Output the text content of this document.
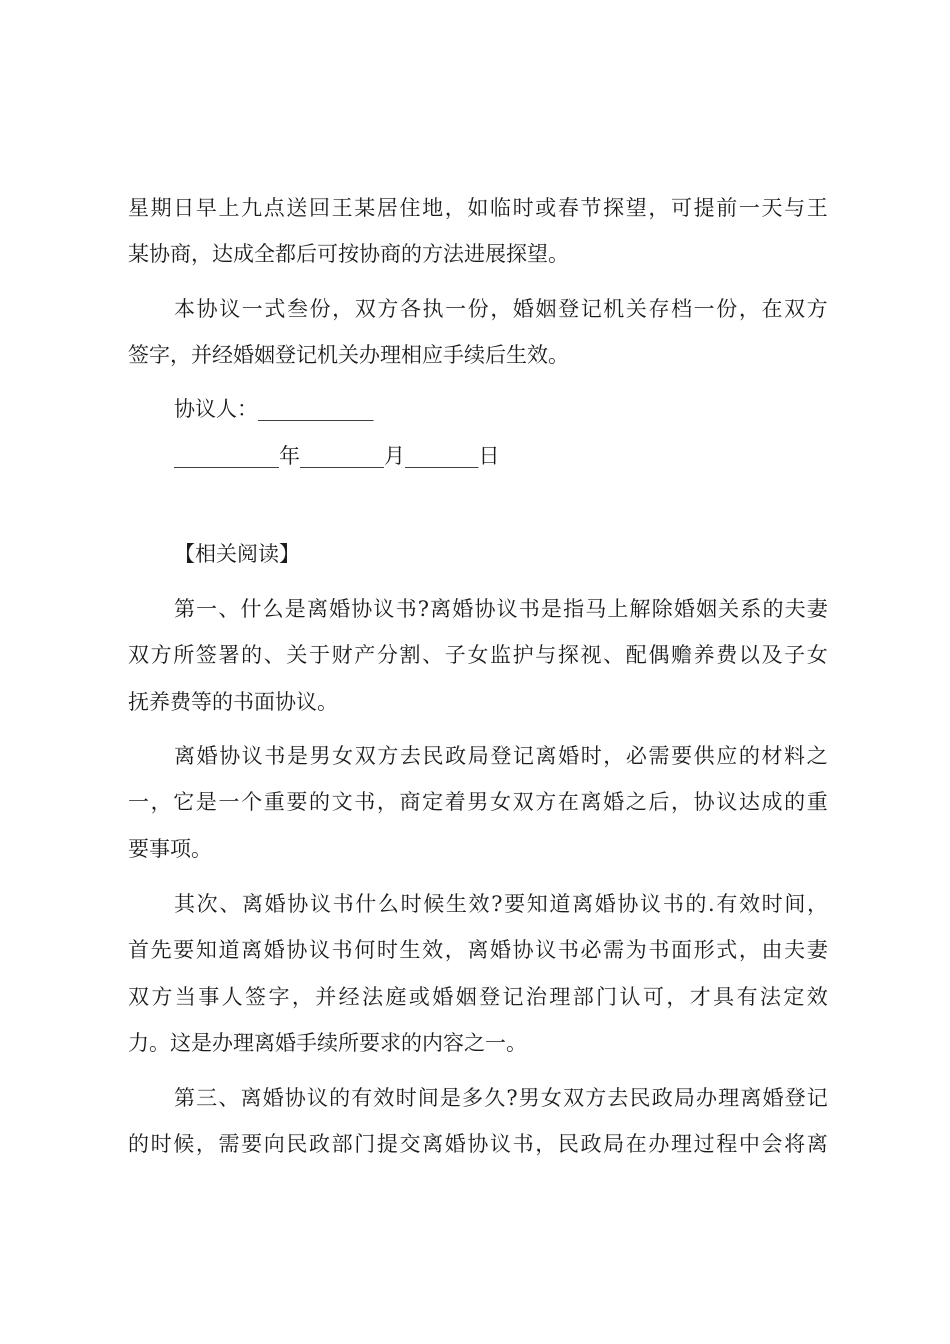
星 期 日 早 上 九 点 送 回 王 某 居 住 地 ， 如 临 时 或 春 节 探 望 ， 可 提 前 一 天 与 王
某协商，达成全都后可按协商的方法进展探望。
本 协 议 一 式 叁 份 ， 双 方 各 执 一 份 ， 婚 姻 登 记 机 关 存 档 一 份 ， 在 双 方
签字，并经婚姻登记机关办理相应手续后生效。
协议人：___________
__________年________月_______日
【相关阅读】
第 一 、 什 么 是 离 婚 协 议 书 ? 离 婚 协 议 书 是 指 马 上 解 除 婚 姻 关 系 的 夫 妻
双 方 所 签 署 的 、 关 于 财 产 分 割 、 子 女 监 护 与 探 视 、 配 偶 赡 养 费 以 及 子 女
抚养费等的书面协议。
离 婚 协 议 书 是 男 女 双 方 去 民 政 局 登 记 离 婚 时 ， 必 需 要 供 应 的 材 料 之
一 ， 它 是 一 个 重 要 的 文 书 ， 商 定 着 男 女 双 方 在 离 婚 之 后 ， 协 议 达 成 的 重
要事项。
其 次 、 离 婚 协 议 书 什 么 时 候 生 效 ? 要 知 道 离 婚 协 议 书 的 . 有 效 时 间 ，
首 先 要 知 道 离 婚 协 议 书 何 时 生 效 ， 离 婚 协 议 书 必 需 为 书 面 形 式 ， 由 夫 妻
双 方 当 事 人 签 字 ， 并 经 法 庭 或 婚 姻 登 记 治 理 部 门 认 可 ， 才 具 有 法 定 效
力。这是办理离婚手续所要求的内容之一。
第 三 、 离 婚 协 议 的 有 效 时 间 是 多 久 ? 男 女 双 方 去 民 政 局 办 理 离 婚 登 记
的 时 候 ， 需 要 向 民 政 部 门 提 交 离 婚 协 议 书 ， 民 政 局 在 办 理 过 程 中 会 将 离
